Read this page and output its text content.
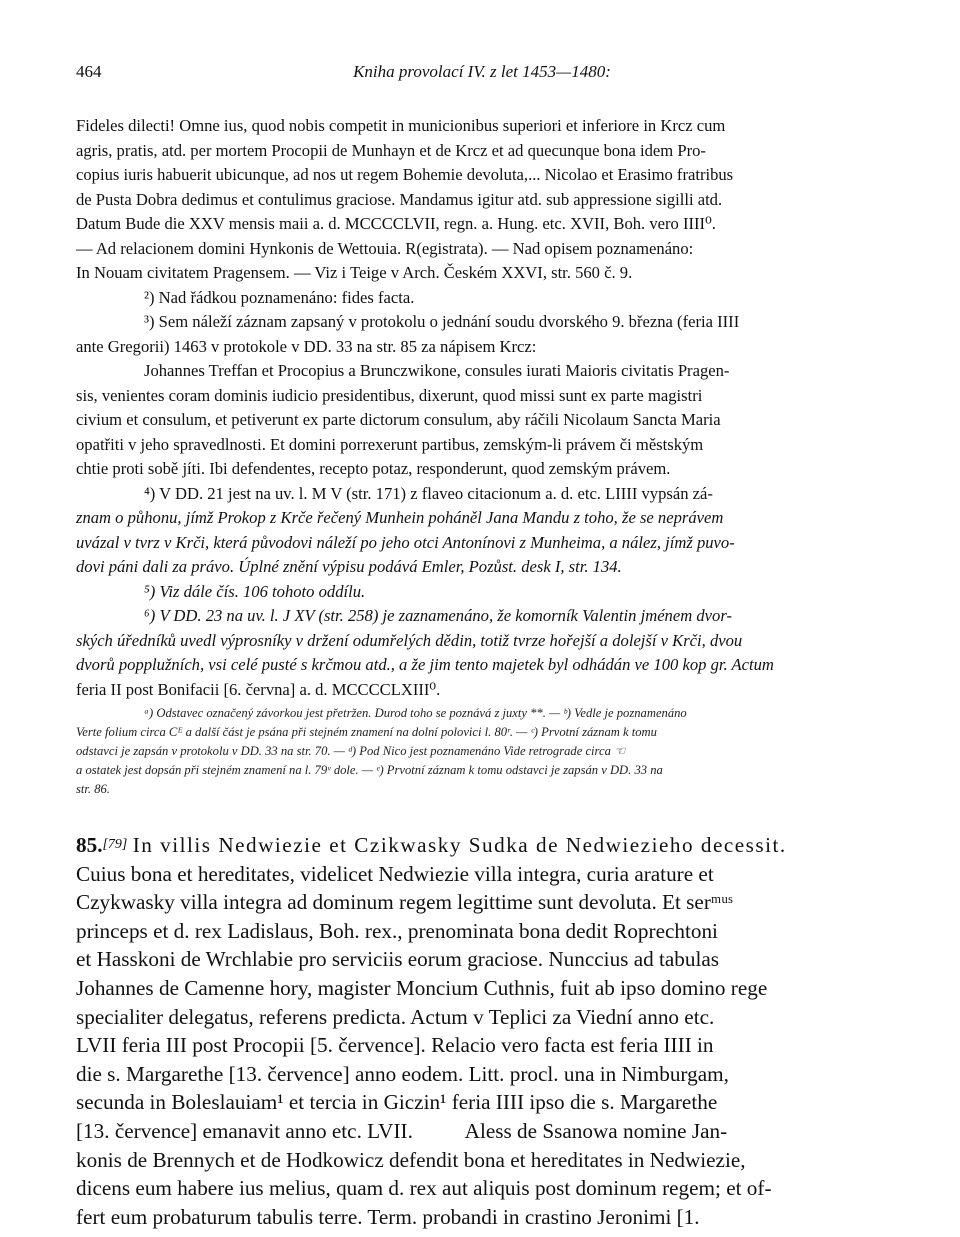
464	Kniha provolací IV. z let 1453—1480:

Fideles dilecti! Omne ius, quod nobis competit in municionibus superiori et inferiore in Krcz cum

agris, pratis, atd. per mortem Procopii de Munhayn et de Krcz et ad quecunque bona idem Pro-

copius iuris habuerit ubicunque, ad nos ut regem Bohemie devoluta,... Nicolao et Erasimo fratribus

de Pusta Dobra dedimus et contulimus graciose. Mandamus igitur atd. sub appressione sigilli atd.

Datum Bude die XXV mensis maii a. d. MCCCCLVII, regn. a. Hung. etc. XVII, Boh. vero IIII⁰.

— Ad relacionem domini Hynkonis de Wettouia. R(egistrata). — Nad opisem poznamenáno:

In Nouam civitatem Pragensem. — Viz i Teige v Arch. Českém XXVI, str. 560 č. 9.

²) Nad řádkou poznamenáno: fides facta.

³) Sem náleží záznam zapsaný v protokolu o jednání soudu dvorského 9. března (feria IIII

ante Gregorii) 1463 v protokole v DD. 33 na str. 85 za nápisem Krcz:

Johannes Treffan et Procopius a Brunczwikone, consules iurati Maioris civitatis Pragen-

sis, venientes coram dominis iudicio presidentibus, dixerunt, quod missi sunt ex parte magistri

civium et consulum, et petiverunt ex parte dictorum consulum, aby ráčili Nicolaum Sancta Maria

opatřiti v jeho spravedlnosti. Et domini porrexerunt partibus, zemským-li právem či městským

chtie proti sobě jíti. Ibi defendentes, recepto potaz, responderunt, quod zemským právem.

⁴) V DD. 21 jest na uv. l. M V (str. 171) z flaveo citacionum a. d. etc. LIIII vypsán zá-

znam o půhonu, jímž Prokop z Krče řečený Munhein poháněl Jana Mandu z toho, že se neprávem

uvázal v tvrz v Krči, která původovi náleží po jeho otci Antonínovi z Munheima, a nález, jímž puvo-

dovi páni dali za právo. Úplné znění výpisu podává Emler, Pozůst. desk I, str. 134.

⁵) Viz dále čís. 106 tohoto oddílu.

⁶) V DD. 23 na uv. l. J XV (str. 258) je zaznamenáno, že komorník Valentin jménem dvor-

ských úředníků uvedl výprosníky v držení odumřelých dědin, totiž tvrze hořejší a dolejší v Krči, dvou

dvorů popplužních, vsi celé pusté s krčmou atd., a že jim tento majetek byl odhádán ve 100 kop gr. Actum

feria II post Bonifacii [6. června] a. d. MCCCCLXIII⁰.

ᵃ) Odstavec označený závorkou jest přetržen. Durod toho se poznává z juxty **. — ᵇ) Vedle je poznamenáno
Verte folium circa Cᴱ a další část je psána při stejném znamení na dolní polovici l. 80ʳ. — ᶜ) Prvotní záznam k tomu
odstavci je zapsán v protokolu v DD. 33 na str. 70. — ᵈ) Pod Nico jest poznamenáno Vide retrograde circa ☜
a ostatek jest dopsán při stejném znamení na l. 79ᵛ dole. — ᵉ) Prvotní záznam k tomu odstavci je zapsán v DD. 33 na
str. 86.
85.[79] In villis Nedwiezie et Czikwasky Sudka de Nedwiezieho decessit.
Cuius bona et hereditates, videlicet Nedwiezie villa integra, curia arature et
Czykwasky villa integra ad dominum regem legittime sunt devoluta. Et serᵐᵘˢ
princeps et d. rex Ladislaus, Boh. rex., prenominata bona dedit Roprechtoni
et Hasskoni de Wrchlabie pro serviciis eorum graciose. Nunccius ad tabulas
Johannes de Camenne hory, magister Moncium Cuthnis, fuit ab ipso domino rege
specialiter delegatus, referens predicta. Actum v Teplici za Viední anno etc.
LVII feria III post Procopii [5. července]. Relacio vero facta est feria IIII in
die s. Margarethe [13. července] anno eodem. Litt. procl. una in Nimburgam,
secunda in Boleslauiam¹ et tercia in Giczin¹ feria IIII ipso die s. Margarethe
[13. července] emanavit anno etc. LVII.          Aless de Ssanowa nomine Jan-
konis de Brennych et de Hodkowicz defendit bona et hereditates in Nedwiezie,
dicens eum habere ius melius, quam d. rex aut aliquis post dominum regem; et of-
fert eum probaturum tabulis terre. Term. probandi in crastino Jeronimi [1.
